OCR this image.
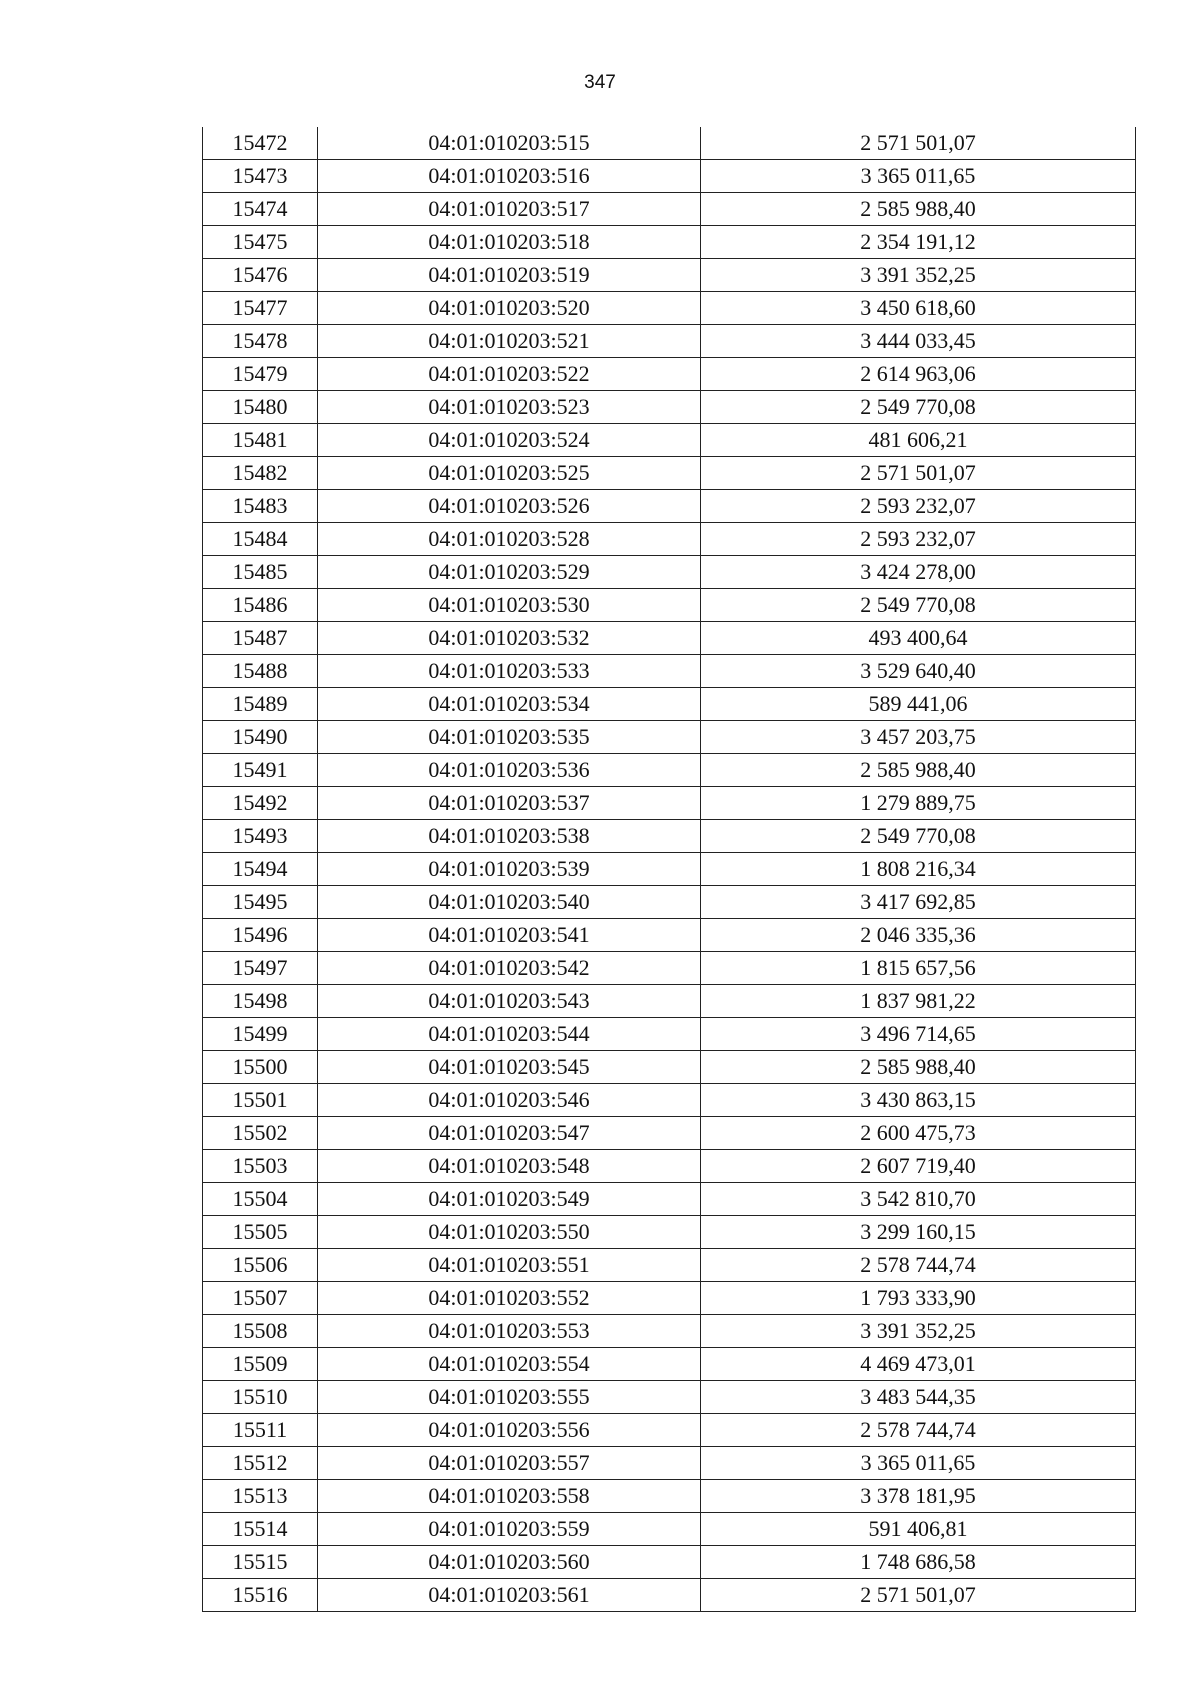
347
15472	04:01:010203:515	2 571 501,07
15473	04:01:010203:516	3 365 011,65
15474	04:01:010203:517	2 585 988,40
15475	04:01:010203:518	2 354 191,12
15476	04:01:010203:519	3 391 352,25
15477	04:01:010203:520	3 450 618,60
15478	04:01:010203:521	3 444 033,45
15479	04:01:010203:522	2 614 963,06
15480	04:01:010203:523	2 549 770,08
15481	04:01:010203:524	481 606,21
15482	04:01:010203:525	2 571 501,07
15483	04:01:010203:526	2 593 232,07
15484	04:01:010203:528	2 593 232,07
15485	04:01:010203:529	3 424 278,00
15486	04:01:010203:530	2 549 770,08
15487	04:01:010203:532	493 400,64
15488	04:01:010203:533	3 529 640,40
15489	04:01:010203:534	589 441,06
15490	04:01:010203:535	3 457 203,75
15491	04:01:010203:536	2 585 988,40
15492	04:01:010203:537	1 279 889,75
15493	04:01:010203:538	2 549 770,08
15494	04:01:010203:539	1 808 216,34
15495	04:01:010203:540	3 417 692,85
15496	04:01:010203:541	2 046 335,36
15497	04:01:010203:542	1 815 657,56
15498	04:01:010203:543	1 837 981,22
15499	04:01:010203:544	3 496 714,65
15500	04:01:010203:545	2 585 988,40
15501	04:01:010203:546	3 430 863,15
15502	04:01:010203:547	2 600 475,73
15503	04:01:010203:548	2 607 719,40
15504	04:01:010203:549	3 542 810,70
15505	04:01:010203:550	3 299 160,15
15506	04:01:010203:551	2 578 744,74
15507	04:01:010203:552	1 793 333,90
15508	04:01:010203:553	3 391 352,25
15509	04:01:010203:554	4 469 473,01
15510	04:01:010203:555	3 483 544,35
15511	04:01:010203:556	2 578 744,74
15512	04:01:010203:557	3 365 011,65
15513	04:01:010203:558	3 378 181,95
15514	04:01:010203:559	591 406,81
15515	04:01:010203:560	1 748 686,58
15516	04:01:010203:561	2 571 501,07
